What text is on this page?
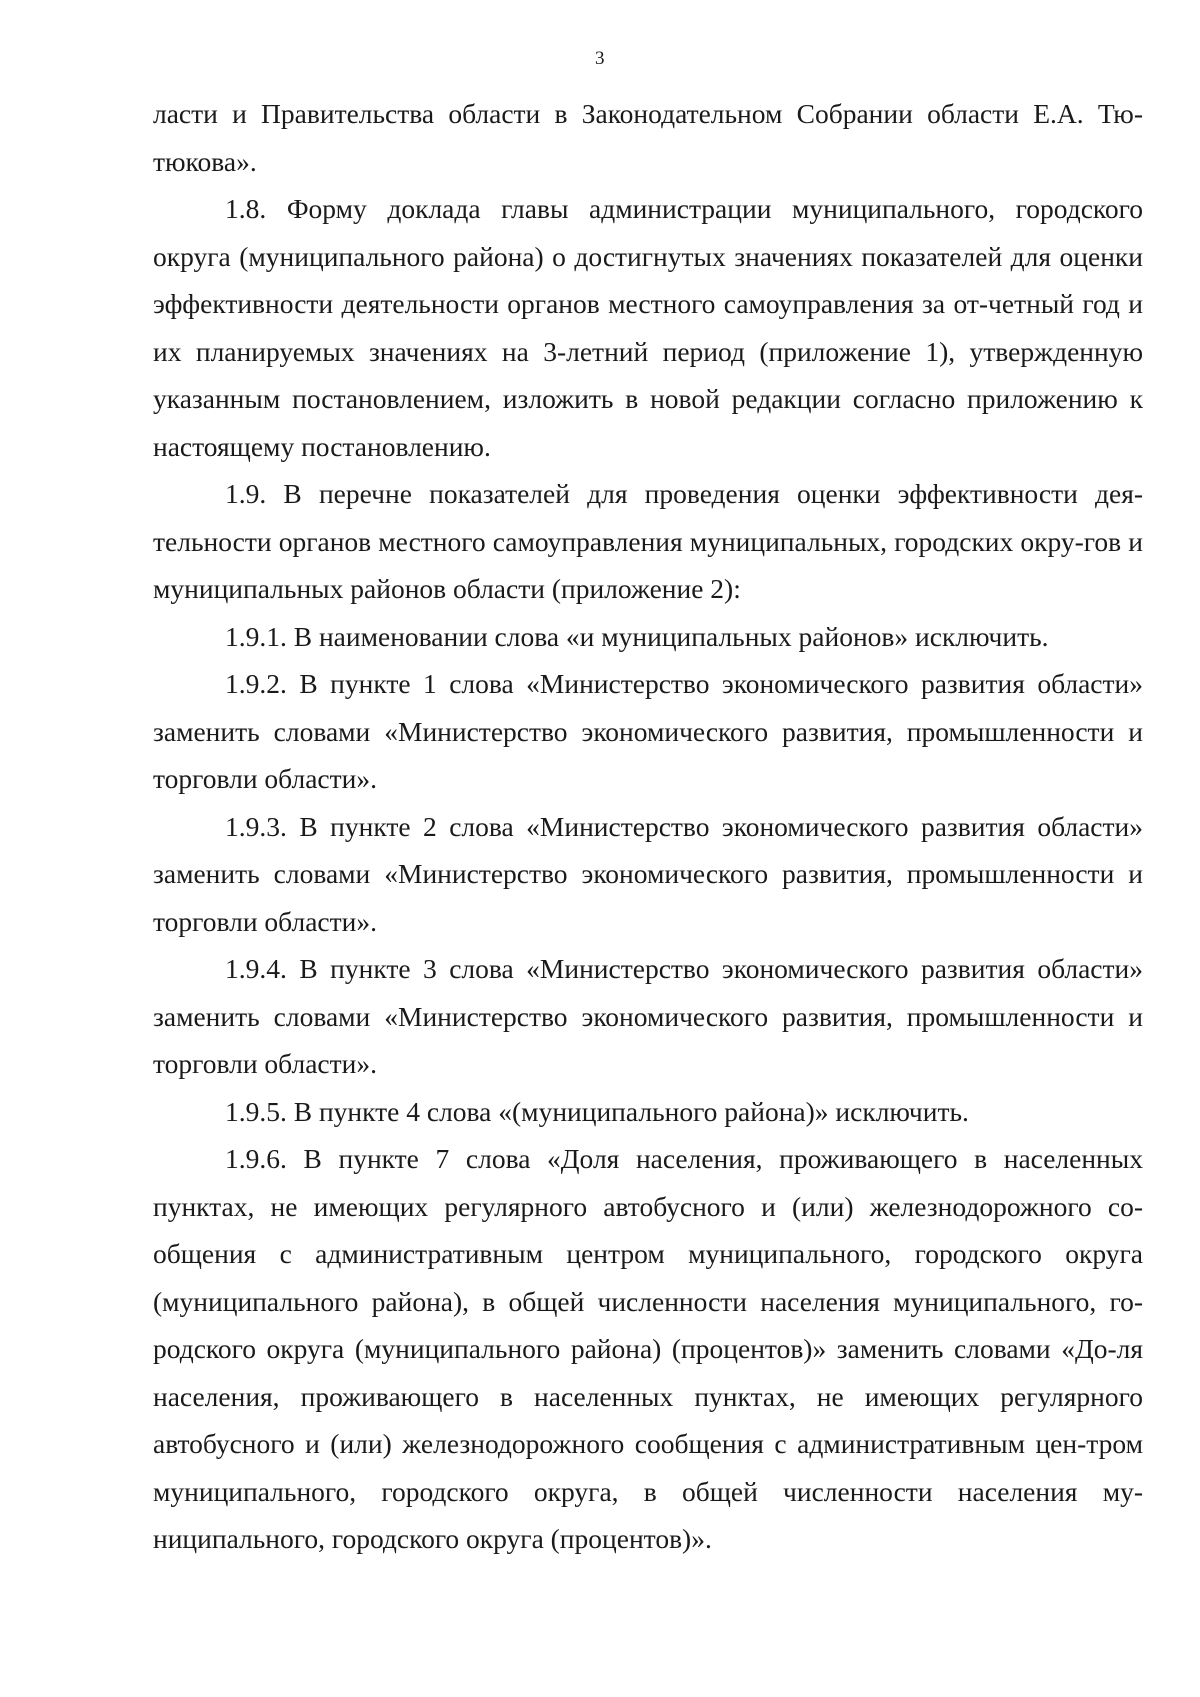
3

ласти и Правительства области в Законодательном Собрании области Е.А. Тю-тюкова».

1.8. Форму доклада главы администрации муниципального, городского округа (муниципального района) о достигнутых значениях показателей для оценки эффективности деятельности органов местного самоуправления за от-четный год и их планируемых значениях на 3-летний период (приложение 1), утвержденную указанным постановлением, изложить в новой редакции согласно приложению к настоящему постановлению.

1.9. В перечне показателей для проведения оценки эффективности дея-тельности органов местного самоуправления муниципальных, городских окру-гов и муниципальных районов области (приложение 2):

1.9.1. В наименовании слова «и муниципальных районов» исключить.

1.9.2. В пункте 1 слова «Министерство экономического развития области» заменить словами «Министерство экономического развития, промышленности и торговли области».

1.9.3. В пункте 2 слова «Министерство экономического развития области» заменить словами «Министерство экономического развития, промышленности и торговли области».

1.9.4. В пункте 3 слова «Министерство экономического развития области» заменить словами «Министерство экономического развития, промышленности и торговли области».

1.9.5. В пункте 4 слова «(муниципального района)» исключить.

1.9.6. В пункте 7 слова «Доля населения, проживающего в населенных пунктах, не имеющих регулярного автобусного и (или) железнодорожного со-общения с административным центром муниципального, городского округа (муниципального района), в общей численности населения муниципального, го-родского округа (муниципального района) (процентов)» заменить словами «До-ля населения, проживающего в населенных пунктах, не имеющих регулярного автобусного и (или) железнодорожного сообщения с административным цен-тром муниципального, городского округа, в общей численности населения му-ниципального, городского округа (процентов)».
